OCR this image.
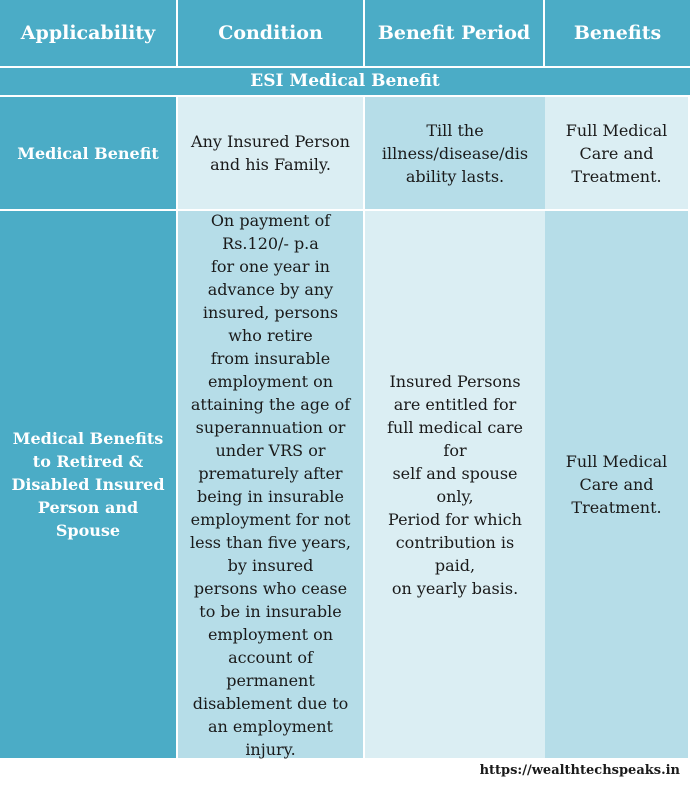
Applicability	Condition	Benefit Period Benefits
ESI Medical Benefit
Medical Benefit
Any Insured Person
and his Family.
Till the
illness/disease/dis
ability lasts.
Full Medical
Care and
Treatment.
Medical Benefits
to Retired &
Disabled Insured
Person and
Spouse
On payment of
Rs.120/- p.a
for one year in
advance by any
insured, persons
who retire
from insurable
employment on
attaining the age of
superannuation or
under VRS or
prematurely after
being in insurable
employment for not
less than five years,
by insured
persons who cease
to be in insurable
employment on
account of
permanent
disablement due to
an employment
injury.
Insured Persons
are entitled for
full medical care
for
self and spouse
only,
Period for which
contribution is
paid,
on yearly basis.
Full Medical
Care and
Treatment.
https://wealthtechspeaks.in
